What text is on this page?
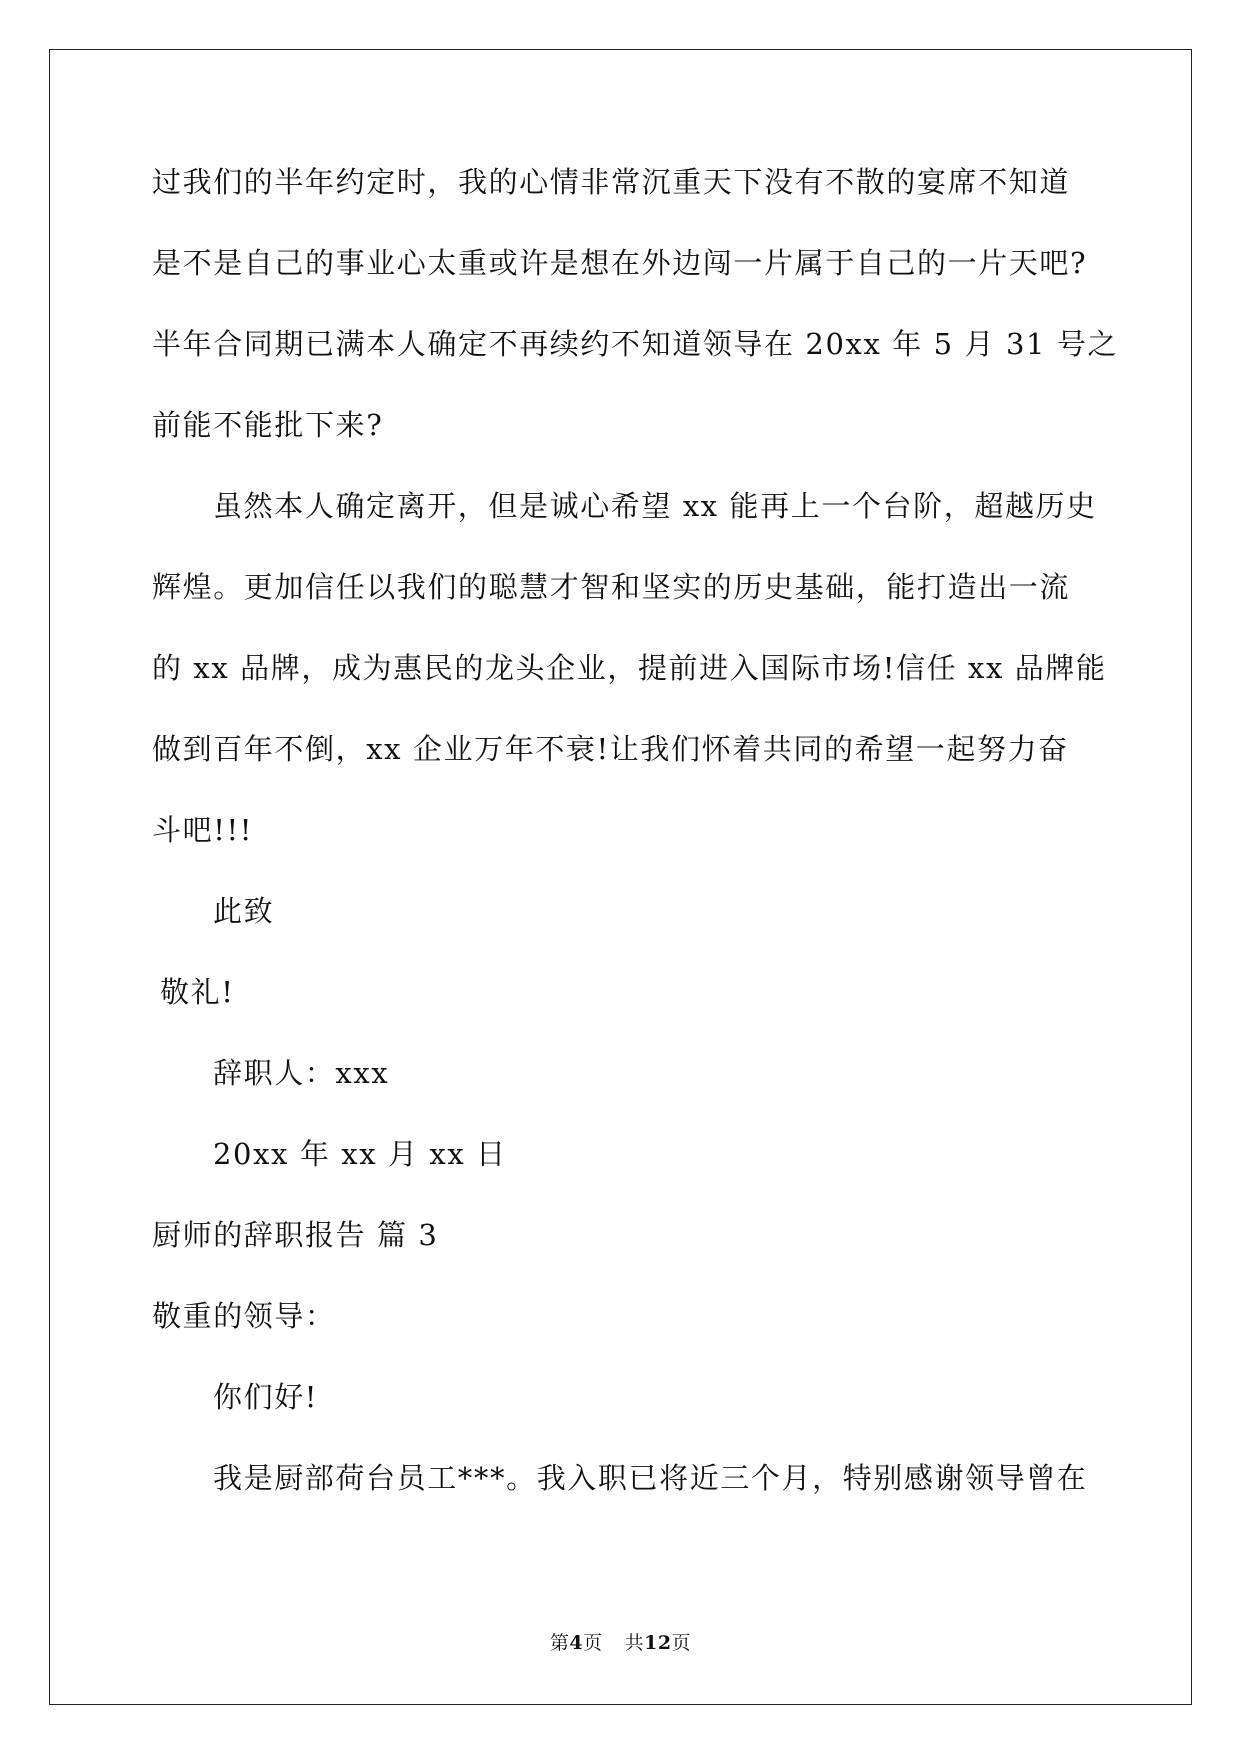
过我们的半年约定时，我的心情非常沉重天下没有不散的宴席不知道
是不是自己的事业心太重或许是想在外边闯一片属于自己的一片天吧?
半年合同期已满本人确定不再续约不知道领导在 20xx 年 5 月 31 号之
前能不能批下来?
虽然本人确定离开，但是诚心希望 xx 能再上一个台阶，超越历史
辉煌。更加信任以我们的聪慧才智和坚实的历史基础，能打造出一流
的 xx 品牌，成为惠民的龙头企业，提前进入国际市场!信任 xx 品牌能
做到百年不倒，xx 企业万年不衰!让我们怀着共同的希望一起努力奋
斗吧!!!
此致
敬礼!
辞职人：xxx
20xx 年 xx 月 xx 日
厨师的辞职报告 篇 3
敬重的领导：
你们好!
我是厨部荷台员工***。我入职已将近三个月，特别感谢领导曾在
第4页 共12页
